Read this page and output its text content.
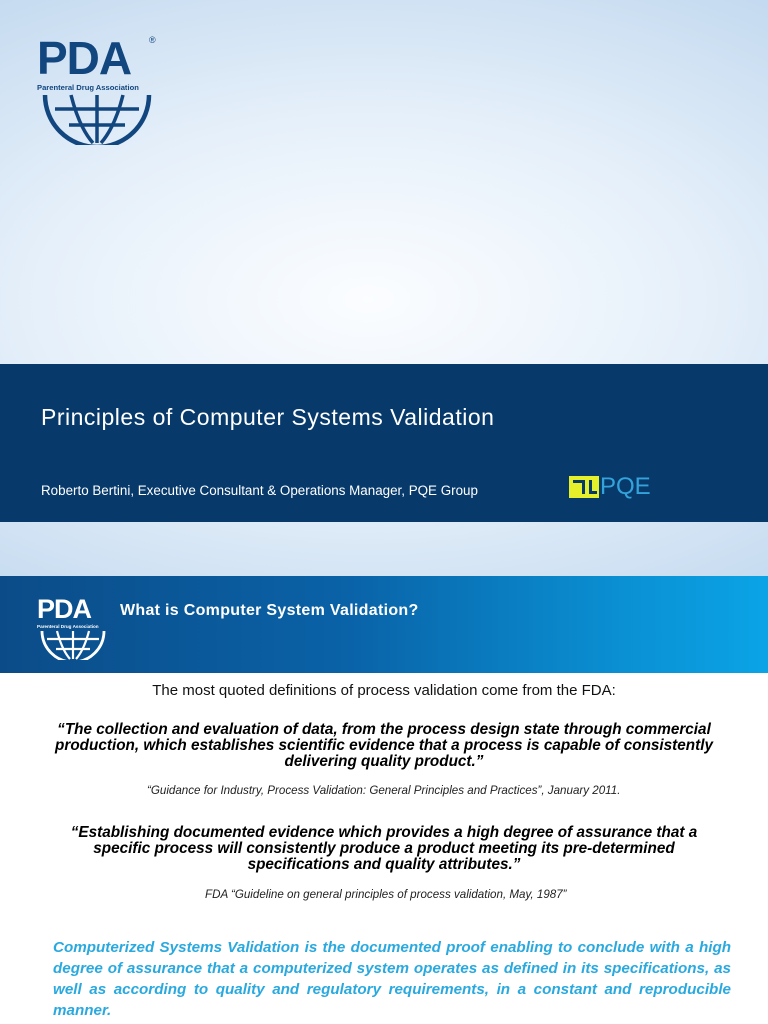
PDA	®
Parenteral Drug Association
Principles of Computer Systems Validation
Roberto Bertini, Executive Consultant & Operations Manager, PQE Group	PQE
PDA
Parenteral Drug Association
What is Computer System Validation?
The most quoted definitions of process validation come from the FDA:
“The collection and evaluation of data, from the process design state through commercial production, which establishes scientific evidence that a process is capable of consistently delivering quality product.”
“Guidance for Industry, Process Validation: General Principles and Practices”, January 2011.
“Establishing documented evidence which provides a high degree of assurance that a specific process will consistently produce a product meeting its pre-determined specifications and quality attributes.”
FDA “Guideline on general principles of process validation, May, 1987”
Computerized Systems Validation is the documented proof enabling to conclude with a high degree of assurance that a computerized system operates as defined in its specifications, as well as according to quality and regulatory requirements, in a constant and reproducible manner.
